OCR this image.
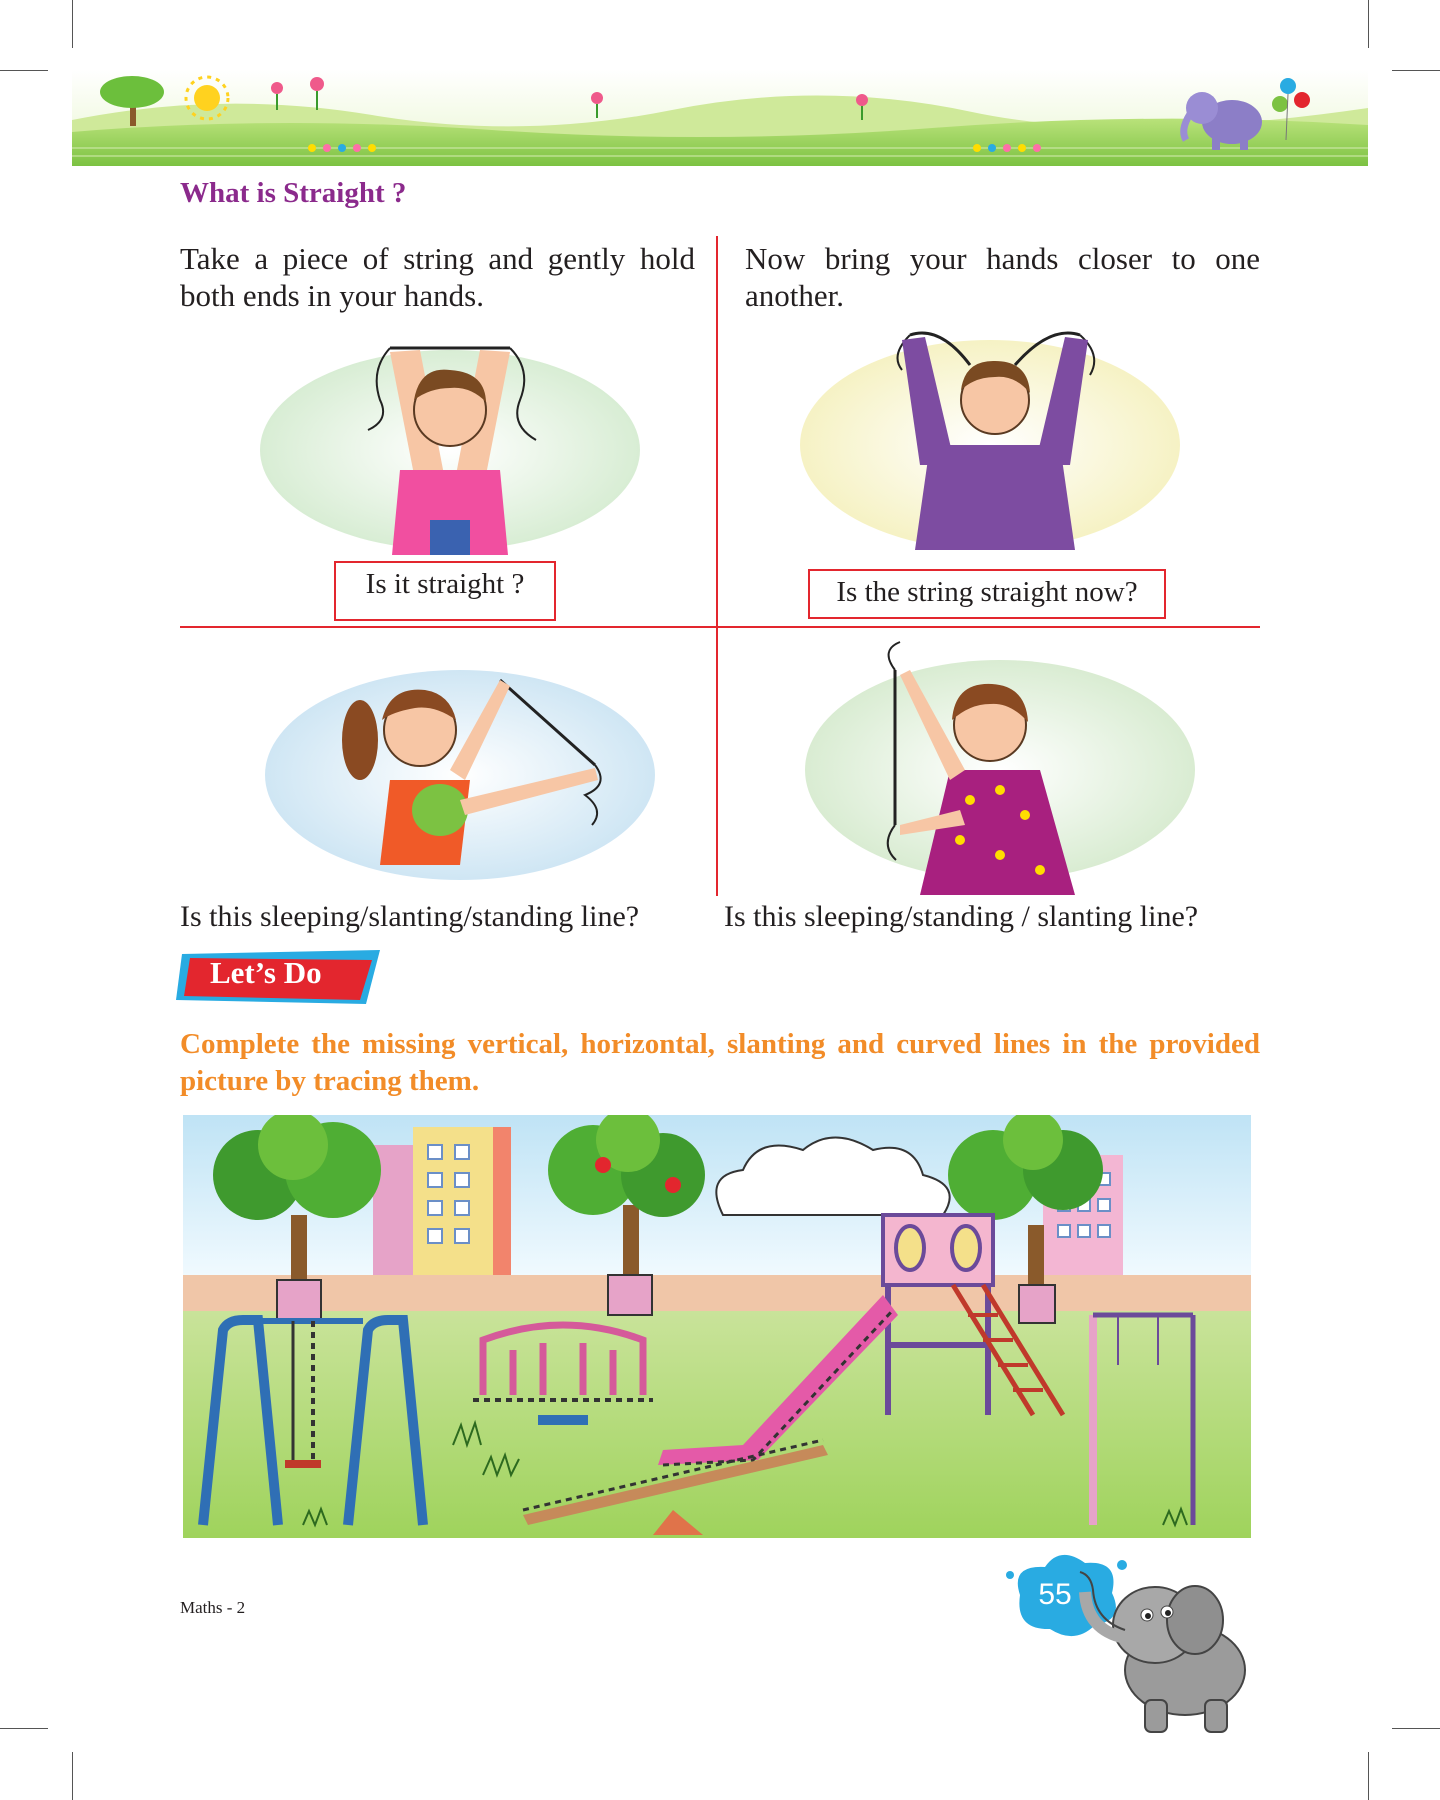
What is Straight ?

Take a piece of string and gently hold both ends in your hands.

Now bring your hands closer to one another.

Is it straight ?	Is the string straight now?

Is this sleeping/slanting/standing line?	Is this sleeping/standing / slanting line?

Let’s Do

Complete the missing vertical, horizontal, slanting and curved lines in the provided picture by tracing them.

Maths - 2	55
